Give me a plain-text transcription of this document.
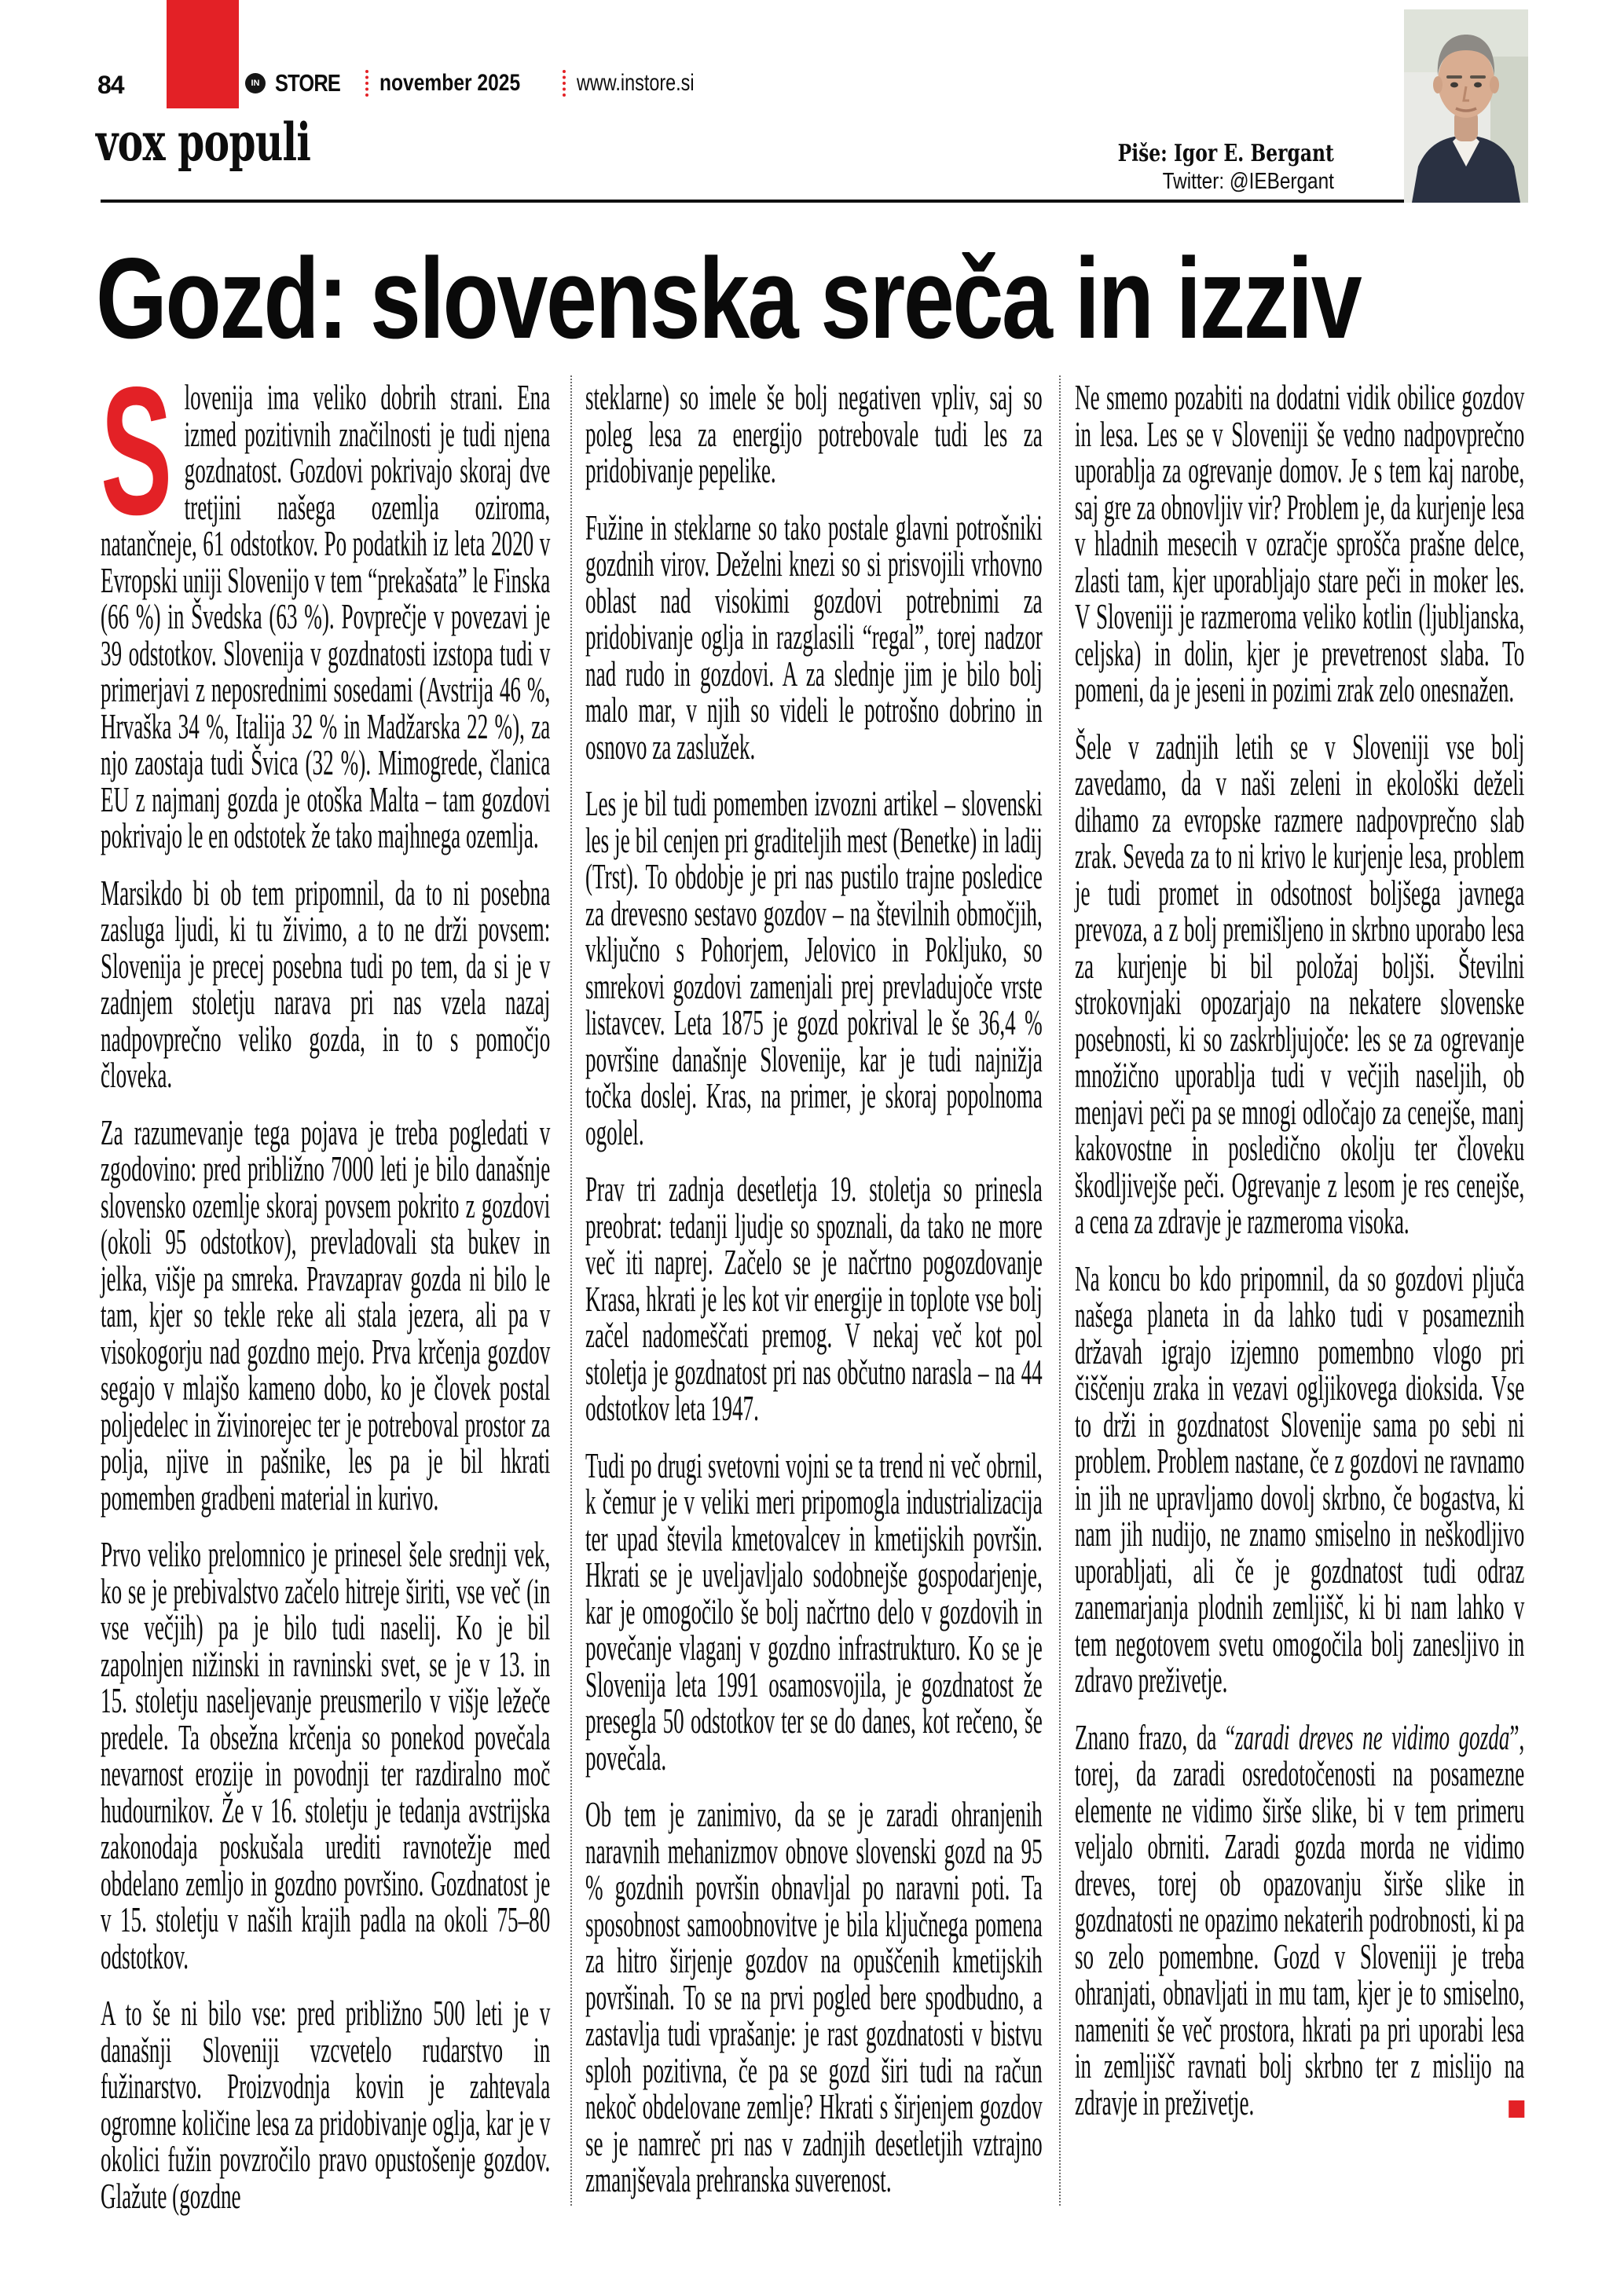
84	IN STORE november 2025 www.instore.si
vox populi	Piše: Igor E. Bergant
Twitter: @IEBergant
Gozd: slovenska sreča in izziv

Slovenija ima veliko dobrih strani. Ena izmed pozitivnih značilnosti je tudi njena gozdnatost. Gozdovi pokrivajo skoraj dve tretjini našega ozemlja oziroma, natančneje, 61 odstotkov. Po podatkih iz leta 2020 v Evropski uniji Slovenijo v tem “prekašata” le Finska (66 %) in Švedska (63 %). Povprečje v povezavi je 39 odstotkov. Slovenija v gozdnatosti izstopa tudi v primerjavi z neposrednimi sosedami (Avstrija 46 %, Hrvaška 34 %, Italija 32 % in Madžarska 22 %), za njo zaostaja tudi Švica (32 %). Mimogrede, članica EU z najmanj gozda je otoška Malta – tam gozdovi pokrivajo le en odstotek že tako majhnega ozemlja.

Marsikdo bi ob tem pripomnil, da to ni posebna zasluga ljudi, ki tu živimo, a to ne drži povsem: Slovenija je precej posebna tudi po tem, da si je v zadnjem stoletju narava pri nas vzela nazaj nadpovprečno veliko gozda, in to s pomočjo človeka.

Za razumevanje tega pojava je treba pogledati v zgodovino: pred približno 7000 leti je bilo današnje slovensko ozemlje skoraj povsem pokrito z gozdovi (okoli 95 odstotkov), prevladovali sta bukev in jelka, višje pa smreka. Pravzaprav gozda ni bilo le tam, kjer so tekle reke ali stala jezera, ali pa v visokogorju nad gozdno mejo. Prva krčenja gozdov segajo v mlajšo kameno dobo, ko je človek postal poljedelec in živinorejec ter je potreboval prostor za polja, njive in pašnike, les pa je bil hkrati pomemben gradbeni material in kurivo.

Prvo veliko prelomnico je prinesel šele srednji vek, ko se je prebivalstvo začelo hitreje širiti, vse več (in vse večjih) pa je bilo tudi naselij. Ko je bil zapolnjen nižinski in ravninski svet, se je v 13. in 15. stoletju naseljevanje preusmerilo v višje ležeče predele. Ta obsežna krčenja so ponekod povečala nevarnost erozije in povodnji ter razdiralno moč hudournikov. Že v 16. stoletju je tedanja avstrijska zakonodaja poskušala urediti ravnotežje med obdelano zemljo in gozdno površino. Gozdnatost je v 15. stoletju v naših krajih padla na okoli 75–80 odstotkov.

A to še ni bilo vse: pred približno 500 leti je v današnji Sloveniji vzcvetelo rudarstvo in fužinarstvo. Proizvodnja kovin je zahtevala ogromne količine lesa za pridobivanje oglja, kar je v okolici fužin povzročilo pravo opustošenje gozdov. Glažute (gozdne

steklarne) so imele še bolj negativen vpliv, saj so poleg lesa za energijo potrebovale tudi les za pridobivanje pepelike.

Fužine in steklarne so tako postale glavni potrošniki gozdnih virov. Deželni knezi so si prisvojili vrhovno oblast nad visokimi gozdovi potrebnimi za pridobivanje oglja in razglasili “regal”, torej nadzor nad rudo in gozdovi. A za slednje jim je bilo bolj malo mar, v njih so videli le potrošno dobrino in osnovo za zaslužek.

Les je bil tudi pomemben izvozni artikel – slovenski les je bil cenjen pri graditeljih mest (Benetke) in ladij (Trst). To obdobje je pri nas pustilo trajne posledice za drevesno sestavo gozdov – na številnih območjih, vključno s Pohorjem, Jelovico in Pokljuko, so smrekovi gozdovi zamenjali prej prevladujoče vrste listavcev. Leta 1875 je gozd pokrival le še 36,4 % površine današnje Slovenije, kar je tudi najnižja točka doslej. Kras, na primer, je skoraj popolnoma ogolel.

Prav tri zadnja desetletja 19. stoletja so prinesla preobrat: tedanji ljudje so spoznali, da tako ne more več iti naprej. Začelo se je načrtno pogozdovanje Krasa, hkrati je les kot vir energije in toplote vse bolj začel nadomeščati premog. V nekaj več kot pol stoletja je gozdnatost pri nas občutno narasla – na 44 odstotkov leta 1947.

Tudi po drugi svetovni vojni se ta trend ni več obrnil, k čemur je v veliki meri pripomogla industrializacija ter upad števila kmetovalcev in kmetijskih površin. Hkrati se je uveljavljalo sodobnejše gospodarjenje, kar je omogočilo še bolj načrtno delo v gozdovih in povečanje vlaganj v gozdno infrastrukturo. Ko se je Slovenija leta 1991 osamosvojila, je gozdnatost že presegla 50 odstotkov ter se do danes, kot rečeno, še povečala.

Ob tem je zanimivo, da se je zaradi ohranjenih naravnih mehanizmov obnove slovenski gozd na 95 % gozdnih površin obnavljal po naravni poti. Ta sposobnost samoobnovitve je bila ključnega pomena za hitro širjenje gozdov na opuščenih kmetijskih površinah. To se na prvi pogled bere spodbudno, a zastavlja tudi vprašanje: je rast gozdnatosti v bistvu sploh pozitivna, če pa se gozd širi tudi na račun nekoč obdelovane zemlje? Hkrati s širjenjem gozdov se je namreč pri nas v zadnjih desetletjih vztrajno zmanjševala prehranska suverenost.

Ne smemo pozabiti na dodatni vidik obilice gozdov in lesa. Les se v Sloveniji še vedno nadpovprečno uporablja za ogrevanje domov. Je s tem kaj narobe, saj gre za obnovljiv vir? Problem je, da kurjenje lesa v hladnih mesecih v ozračje sprošča prašne delce, zlasti tam, kjer uporabljajo stare peči in moker les. V Sloveniji je razmeroma veliko kotlin (ljubljanska, celjska) in dolin, kjer je prevetrenost slaba. To pomeni, da je jeseni in pozimi zrak zelo onesnažen.

Šele v zadnjih letih se v Sloveniji vse bolj zavedamo, da v naši zeleni in ekološki deželi dihamo za evropske razmere nadpovprečno slab zrak. Seveda za to ni krivo le kurjenje lesa, problem je tudi promet in odsotnost boljšega javnega prevoza, a z bolj premišljeno in skrbno uporabo lesa za kurjenje bi bil položaj boljši. Številni strokovnjaki opozarjajo na nekatere slovenske posebnosti, ki so zaskrbljujoče: les se za ogrevanje množično uporablja tudi v večjih naseljih, ob menjavi peči pa se mnogi odločajo za cenejše, manj kakovostne in posledično okolju ter človeku škodljivejše peči. Ogrevanje z lesom je res cenejše, a cena za zdravje je razmeroma visoka.

Na koncu bo kdo pripomnil, da so gozdovi pljuča našega planeta in da lahko tudi v posameznih državah igrajo izjemno pomembno vlogo pri čiščenju zraka in vezavi ogljikovega dioksida. Vse to drži in gozdnatost Slovenije sama po sebi ni problem. Problem nastane, če z gozdovi ne ravnamo in jih ne upravljamo dovolj skrbno, če bogastva, ki nam jih nudijo, ne znamo smiselno in neškodljivo uporabljati, ali če je gozdnatost tudi odraz zanemarjanja plodnih zemljišč, ki bi nam lahko v tem negotovem svetu omogočila bolj zanesljivo in zdravo preživetje.

Znano frazo, da “zaradi dreves ne vidimo gozda”, torej, da zaradi osredotočenosti na posamezne elemente ne vidimo širše slike, bi v tem primeru veljalo obrniti. Zaradi gozda morda ne vidimo dreves, torej ob opazovanju širše slike in gozdnatosti ne opazimo nekaterih podrobnosti, ki pa so zelo pomembne. Gozd v Sloveniji je treba ohranjati, obnavljati in mu tam, kjer je to smiselno, nameniti še več prostora, hkrati pa pri uporabi lesa in zemljišč ravnati bolj skrbno ter z mislijo na zdravje in preživetje.
